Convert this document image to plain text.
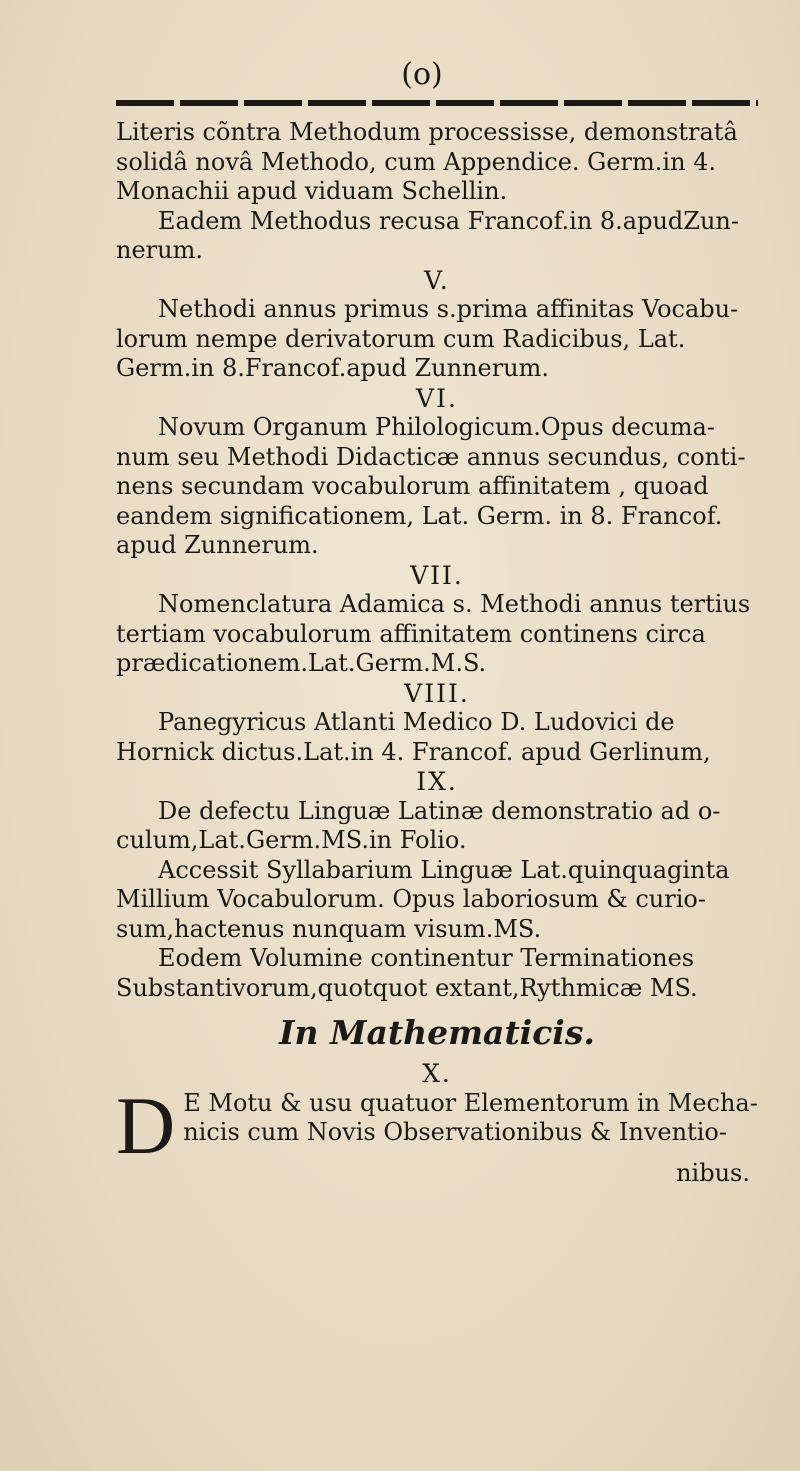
(o)
Literis cõntra Methodum processisse, demonstratâ
solidâ novâ Methodo, cum Appendice. Germ.in 4.
Monachii apud viduam Schellin.
Eadem Methodus recusa Francof.in 8.apudZun-
nerum.
V.
Nethodi annus primus s.prima affinitas Vocabu-
lorum nempe derivatorum cum Radicibus, Lat.
Germ.in 8.Francof.apud Zunnerum.
VI.
Novum Organum Philologicum.Opus decuma-
num seu Methodi Didacticæ annus secundus, conti-
nens secundam vocabulorum affinitatem , quoad
eandem significationem, Lat. Germ. in 8. Francof.
apud Zunnerum.
VII.
Nomenclatura Adamica s. Methodi annus tertius
tertiam vocabulorum affinitatem continens circa
prædicationem.Lat.Germ.M.S.
VIII.
Panegyricus Atlanti Medico D. Ludovici de
Hornick dictus.Lat.in 4. Francof. apud Gerlinum,
IX.
De defectu Linguæ Latinæ demonstratio ad o-
culum,Lat.Germ.MS.in Folio.
Accessit Syllabarium Linguæ Lat.quinquaginta
Millium Vocabulorum. Opus laboriosum & curio-
sum,hactenus nunquam visum.MS.
Eodem Volumine continentur Terminationes
Substantivorum,quotquot extant,Rythmicæ MS.
In Mathematicis.
X.
D E Motu & usu quatuor Elementorum in Mecha-
nicis cum Novis Observationibus & Inventio-
nibus.
